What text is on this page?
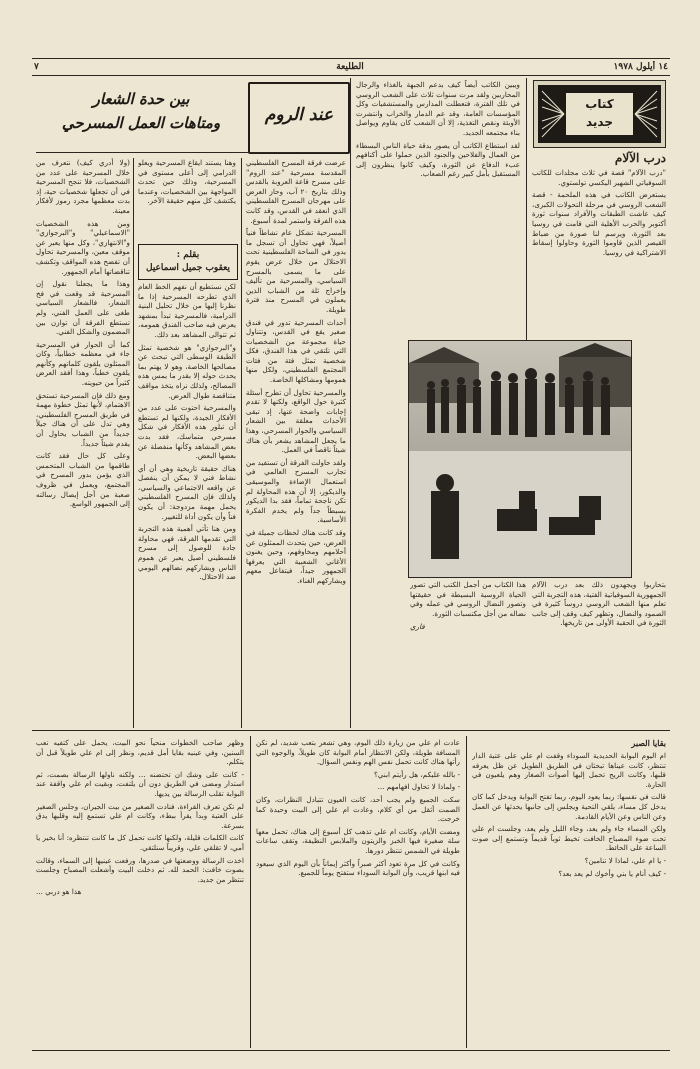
٧	الطليعة	١٤ أيلول ١٩٧٨
كتاب
جديد
درب الآلام

"درب الآلام" قصة في ثلاث مجلدات للكاتب السوفياتي الشهير اليكسي تولستوي.

يستعرض الكاتب في هذه الملحمة - قصة الشعب الروسي في مرحلة التحولات الكبرى، كيف عاشت الطبقات والأفراد سنوات ثورة أكتوبر والحرب الأهلية التي قامت في روسيا بعد الثورة، ويرسم لنا صورة من ضباط القيصر الذين قاوموا الثورة وحاولوا إسقاط الاشتراكية في روسيا.

ويبين الكاتب أيضاً كيف بدعم الجبهة بالغذاء والرجال المحاربين ولقد مرت سنوات ثلاث على الشعب الروسي في تلك الفترة، فتعطلت المدارس والمستشفيات وكل المؤسسات العامة، وقد عم الدمار والخراب وانتشرت الأوبئة ونقص التغذية، إلا أن الشعب كان يقاوم ويواصل بناء مجتمعه الجديد.

لقد استطاع الكاتب أن يصور بدقة حياة الناس البسطاء من العمال والفلاحين والجنود الذين حملوا على أكتافهم عبء الدفاع عن الثورة، وكيف كانوا ينظرون إلى المستقبل بأمل كبير رغم الصعاب.

بتحاربوا ويجهدون ذلك بعد درب الآلام الجمهورية السوفياتية الفتية، هذه التجربة التي تعلم منها الشعب الروسي دروساً كثيرة في الصمود والنضال، وتظهر كيف وقف إلى جانب الثورة في الحقبة الأولى من تاريخها.

هذا الكتاب من أجمل الكتب التي تصور الحياة الروسية البسيطة في حقيقتها وتصور النضال الروسي في عمله وفي نضاله من أجل مكتسبات الثورة.

فاري
عند الروم
بين حدة الشعار
ومتاهات العمل المسرحي
بقلم :
يعقوب جميل اسماعيل

عرضت فرقة المسرح الفلسطيني المقدسة مسرحية "عند الروم" على مسرح قاعة العروبة بالقدس وذلك بتاريخ ٢٠ آب، وحاز العرض على مهرجان المسرح الفلسطيني الذي انعقد في القدس، وقد كانت هذه الفرقة واستمر لمدة أسبوع.

المسرحية تشكل عام نشاطاً فنياً أصيلاً، فهي تحاول أن تسجل ما يدور في الساحة الفلسطينية تحت الاحتلال من خلال عرض يقوم على ما يسمى بالمسرح السياسي، والمسرحية من تأليف وإخراج ثلة من الشباب الذين يعملون في المسرح منذ فترة طويلة.

أحداث المسرحية تدور في فندق صغير يقع في القدس، وتتناول حياة مجموعة من الشخصيات التي تلتقي في هذا الفندق، فكل شخصية تمثل فئة من فئات المجتمع الفلسطيني، ولكل منها همومها ومشاكلها الخاصة.

والمسرحية تحاول أن تطرح أسئلة كثيرة حول الواقع، ولكنها لا تقدم إجابات واضحة عنها، إذ تبقى الأحداث معلقة بين الشعار السياسي والحوار المسرحي، وهذا ما يجعل المشاهد يشعر بأن هناك شيئاً ناقصاً في العمل.

ولقد حاولت الفرقة أن تستفيد من تجارب المسرح العالمي في استعمال الإضاءة والموسيقى والديكور، إلا أن هذه المحاولة لم تكن ناجحة تماماً، فقد بدا الديكور بسيطاً جداً ولم يخدم الفكرة الأساسية.

وقد كانت هناك لحظات جميلة في العرض، حين يتحدث الممثلون عن أحلامهم ومخاوفهم، وحين يغنون الأغاني الشعبية التي يعرفها الجمهور جيداً، فيتفاعل معهم ويشاركهم الغناء.

وهنا يستند ايقاع المسرحية ويعلو الدرامي إلى أعلى مستوى في المسرحية، وذلك حين تحدث المواجهة بين الشخصيات، وعندما يكتشف كل منهم حقيقة الآخر.

لكن نستطيع أن نفهم الخط العام الذي تطرحه المسرحية إذا ما نظرنا إليها من خلال تحليل البنية الدرامية، فالمسرحية تبدأ بمشهد يعرض فيه صاحب الفندق همومه، ثم تتوالى المشاهد بعد ذلك.

و"البرجوازي" هو شخصية تمثل الطبقة الوسطى التي تبحث عن مصالحها الخاصة، وهو لا يهتم بما يحدث حوله إلا بقدر ما يمس هذه المصالح، ولذلك نراه يتخذ مواقف متناقضة طوال العرض.

والمسرحية احتوت على عدد من الأفكار الجيدة، ولكنها لم تستطع أن تبلور هذه الأفكار في شكل مسرحي متماسك، فقد بدت بعض المشاهد وكأنها منفصلة عن بعضها البعض.

هناك حقيقة تاريخية وهي أن أي نشاط فني لا يمكن أن ينفصل عن واقعه الاجتماعي والسياسي، ولذلك فإن المسرح الفلسطيني يحمل مهمة مزدوجة: أن يكون فناً وأن يكون أداة للتغيير.

ومن هنا تأتي أهمية هذه التجربة التي تقدمها الفرقة، فهي محاولة جادة للوصول إلى مسرح فلسطيني أصيل يعبر عن هموم الناس ويشاركهم نضالهم اليومي ضد الاحتلال.

(ولا أدري كيف) نتعرف من خلال المسرحية على عدد من الشخصيات، فلا تنجح المسرحية في أن تجعلها شخصيات حية، إذ بدت معظمها مجرد رموز لأفكار معينة.

ومن هذه الشخصيات "الاسماعيلي" و"البرجوازي" و"الانتهازي"، وكل منها يعبر عن موقف معين، والمسرحية تحاول أن تفضح هذه المواقف وتكشف تناقضاتها أمام الجمهور.

وهذا ما يجعلنا نقول إن المسرحية قد وقعت في فخ الشعار، فالشعار السياسي طغى على العمل الفني، ولم تستطع الفرقة أن توازن بين المضمون والشكل الفني.

كما أن الحوار في المسرحية جاء في معظمه خطابياً، وكان الممثلون يلقون كلماتهم وكأنهم يلقون خطباً، وهذا أفقد العرض كثيراً من حيويته.

ومع ذلك فإن المسرحية تستحق الاهتمام، لأنها تمثل خطوة مهمة في طريق المسرح الفلسطيني، وهي تدل على أن هناك جيلاً جديداً من الشباب يحاول أن يقدم شيئاً جديداً.

وعلى كل حال فقد كانت طاقمها من الشباب المتحمس الذي يؤمن بدور المسرح في المجتمع، ويعمل في ظروف صعبة من أجل إيصال رسالته إلى الجمهور الواسع.

بقايا الصبر

ام اليوم البوابة الحديدية السوداء وقفت ام علي على عتبة الدار تنتظر، كانت عيناها تبحثان في الطريق الطويل عن ظل يعرفه قلبها، وكانت الريح تحمل إليها أصوات الصغار وهم يلعبون في الحارة.

قالت في نفسها: ربما يعود اليوم، ربما تفتح البوابة ويدخل كما كان يدخل كل مساء، يلقي التحية ويجلس إلى جانبها يحدثها عن العمل وعن الناس وعن الأيام القادمة.

ولكن المساء جاء ولم يعد، وجاء الليل ولم يعد، وجلست ام علي تحت ضوء المصباح الخافت تخيط ثوباً قديماً وتستمع إلى صوت الساعة على الحائط.

- يا ام علي، لماذا لا تنامين؟

- كيف أنام يا بني وأخوك لم يعد بعد؟

عادت ام علي من زيارة ذلك اليوم، وهي تشعر بتعب شديد، لم تكن المسافة طويلة، ولكن الانتظار أمام البوابة كان طويلاً، والوجوه التي رأتها هناك كانت تحمل نفس الهم ونفس السؤال.

- بالله عليكم، هل رأيتم ابني؟

- ولماذا لا تحاول افهامهم ...

سكت الجميع ولم يجب أحد، كانت العيون تتبادل النظرات، وكان الصمت أثقل من أي كلام، وعادت ام علي إلى البيت وحيدة كما خرجت.

ومضت الأيام، وكانت ام علي تذهب كل أسبوع إلى هناك، تحمل معها سلة صغيرة فيها الخبز والزيتون والملابس النظيفة، وتقف ساعات طويلة في الشمس تنتظر دورها.

وكانت في كل مرة تعود أكثر صبراً وأكثر إيماناً بأن اليوم الذي سيعود فيه ابنها قريب، وأن البوابة السوداء ستفتح يوماً للجميع.

وظهر صاحب الخطوات منحياً نحو البيت، يحمل على كتفيه تعب السنين، وفي عينيه بقايا أمل قديم، ونظر إلى ام علي طويلاً قبل أن يتكلم.

- كانت على وشك ان تحتضنه ... ولكنه ناولها الرسالة بصمت، ثم استدار ومضى في الطريق دون أن يلتفت، وبقيت ام علي واقفة عند البوابة تقلب الرسالة بين يديها.

لم تكن تعرف القراءة، فنادت الصغير من بيت الجيران، وجلس الصغير على العتبة وبدأ يقرأ ببطء، وكانت ام علي تستمع إليه وقلبها يدق بسرعة.

كانت الكلمات قليلة، ولكنها كانت تحمل كل ما كانت تنتظره: أنا بخير يا أمي، لا تقلقي علي، وقريباً سنلتقي.

اخذت الرسالة ووضعتها في صدرها، ورفعت عينيها إلى السماء، وقالت بصوت خافت: الحمد لله. ثم دخلت البيت وأشعلت المصباح وجلست تنتظر من جديد.

هذا هو دربي ...
